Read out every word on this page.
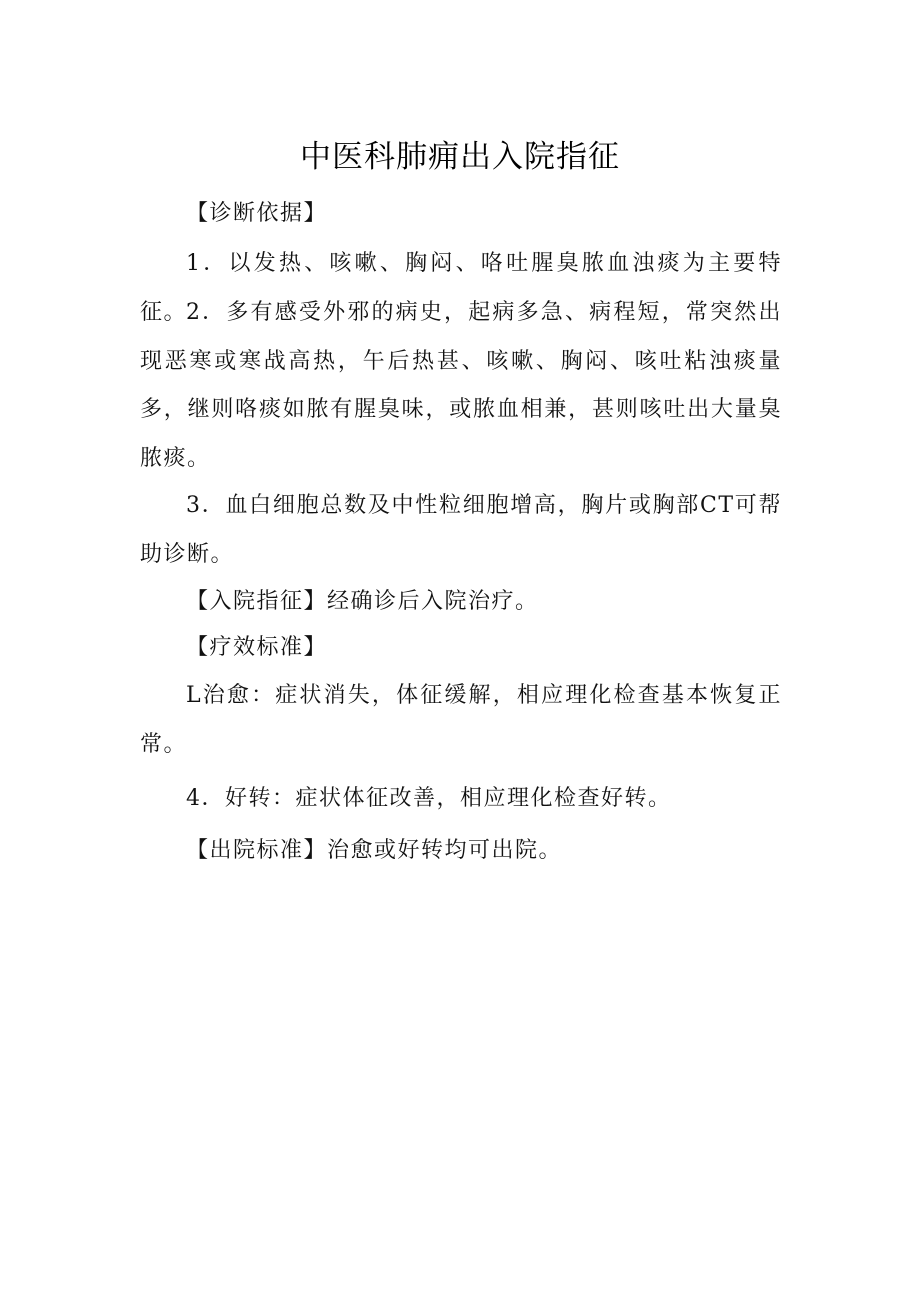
中医科肺痈出入院指征

【诊断依据】

1．以发热、咳嗽、胸闷、咯吐腥臭脓血浊痰为主要特征。

2．多有感受外邪的病史，起病多急、病程短，常突然出现恶寒或寒战高热，午后热甚、咳嗽、胸闷、咳吐粘浊痰量多，继则咯痰如脓有腥臭味，或脓血相兼，甚则咳吐出大量臭脓痰。

3．血白细胞总数及中性粒细胞增高，胸片或胸部CT可帮助诊断。

【入院指征】经确诊后入院治疗。

【疗效标准】

L治愈：症状消失，体征缓解，相应理化检查基本恢复正常。

4．好转：症状体征改善，相应理化检查好转。

【出院标准】治愈或好转均可出院。
